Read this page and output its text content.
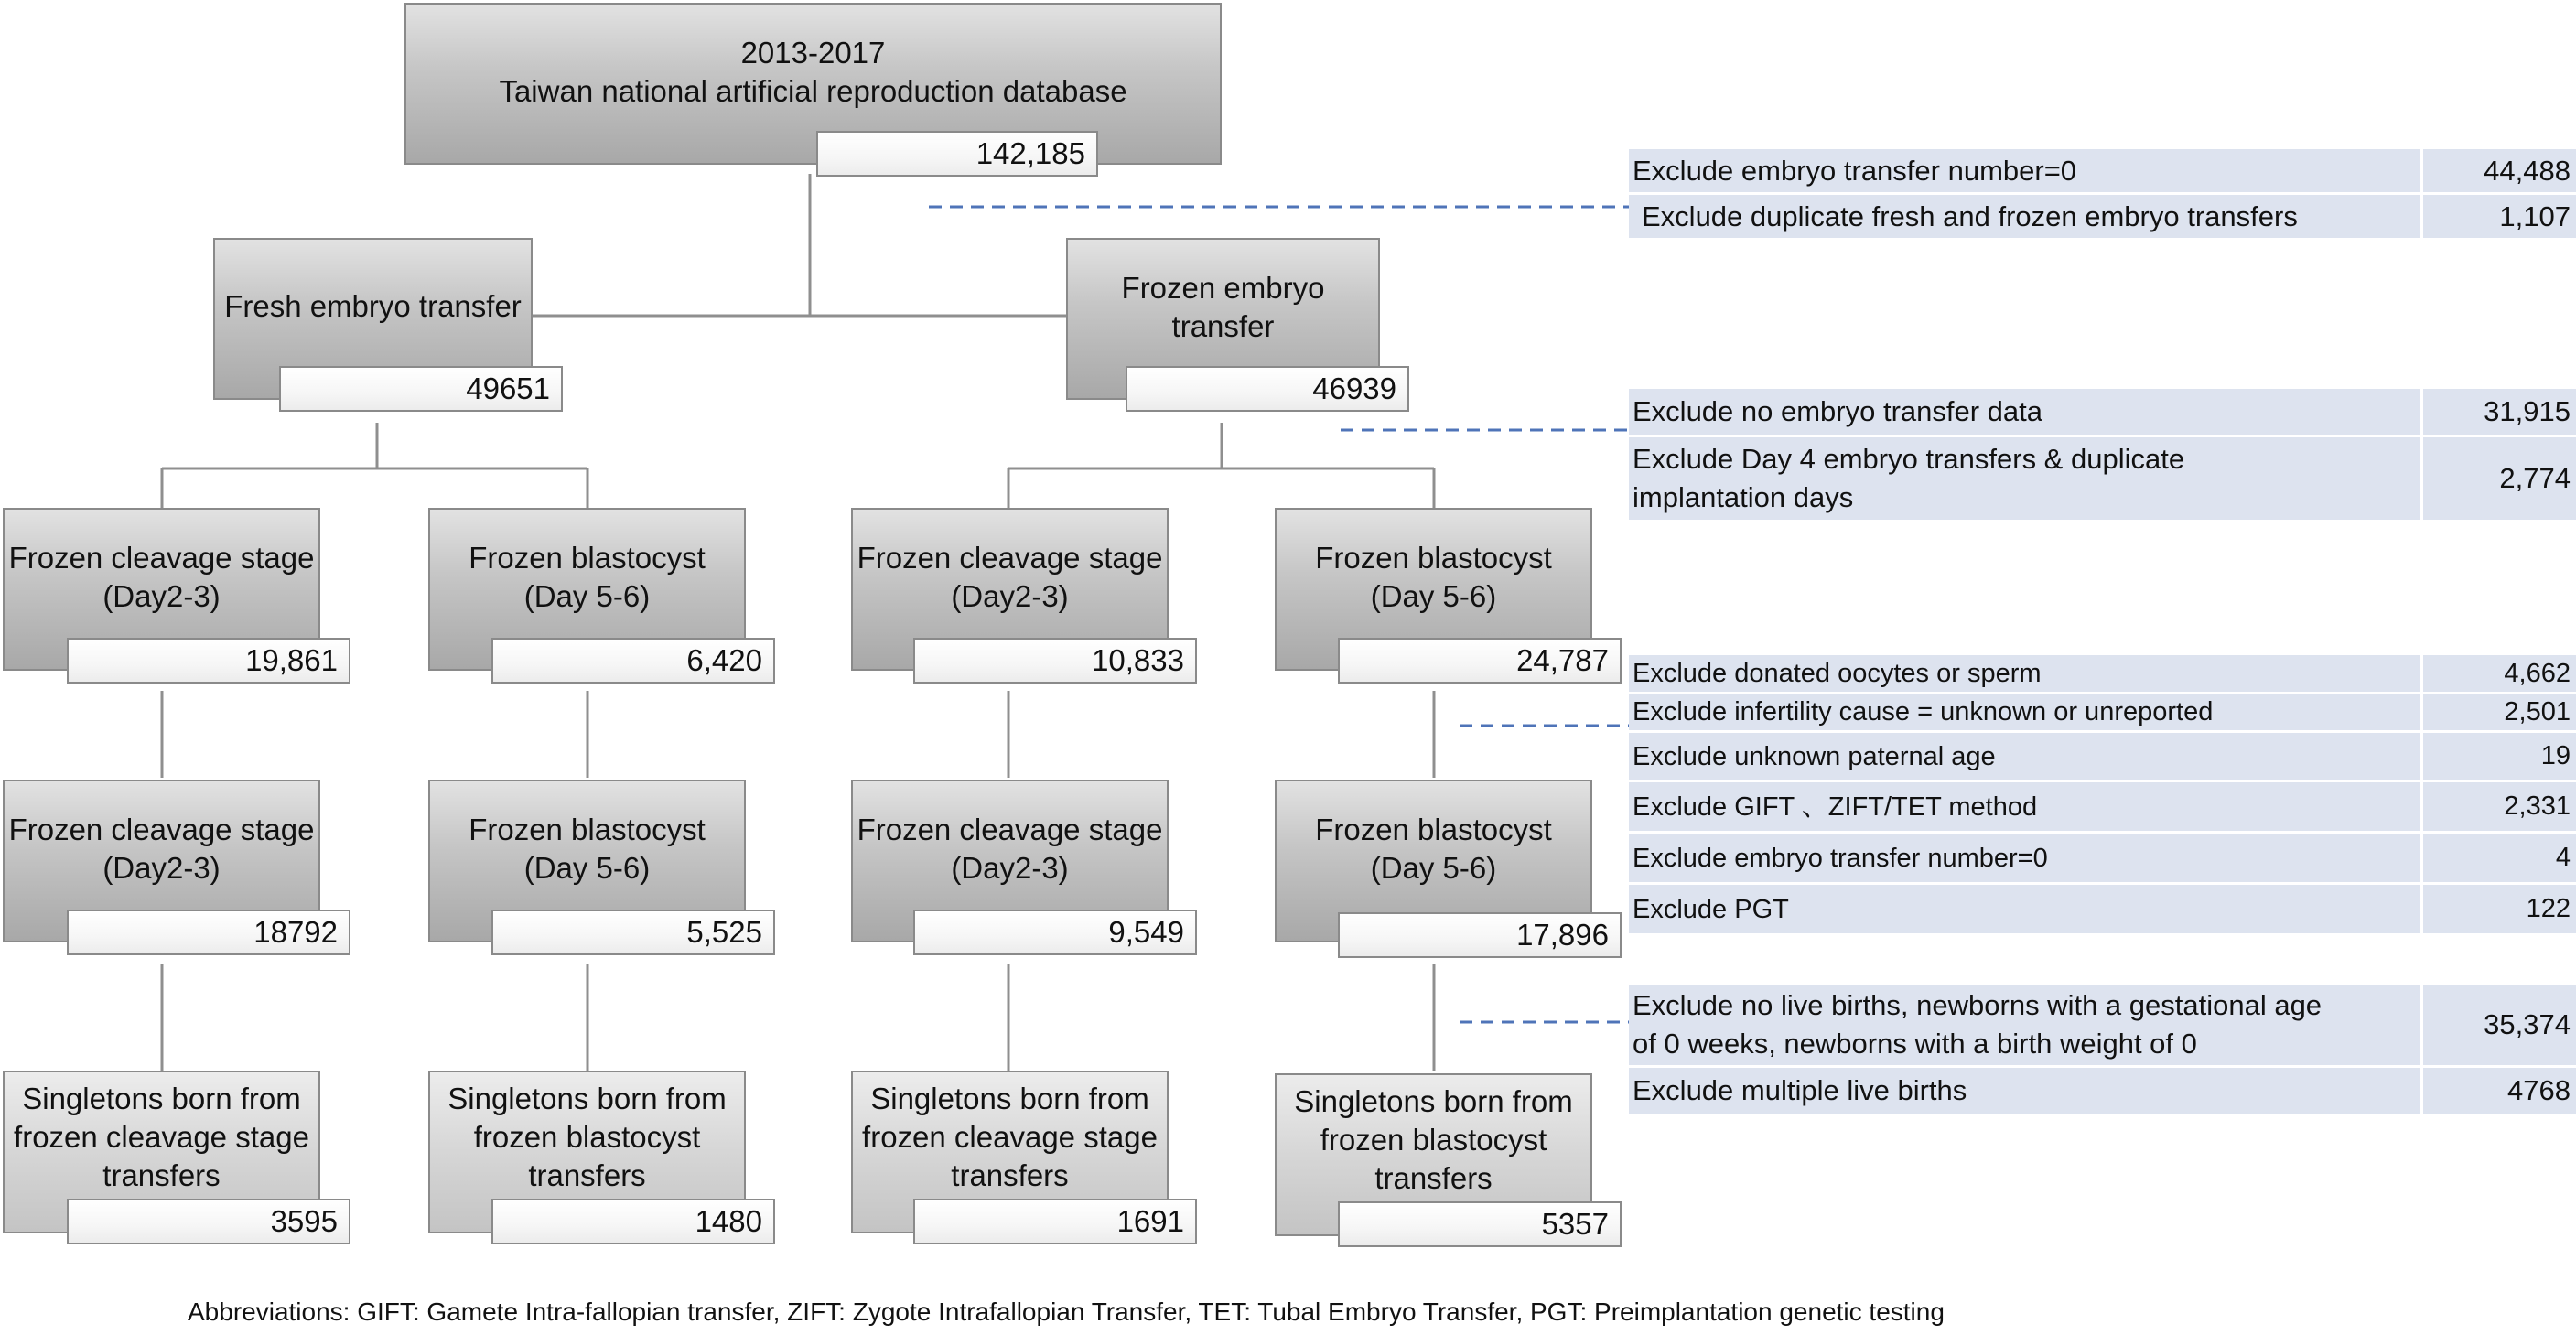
2013-2017
Taiwan national artificial reproduction database
142,185
Fresh embryo transfer
49651
Frozen embryo
transfer
46939
Frozen cleavage stage
(Day2-3)
19,861
Frozen blastocyst
(Day 5-6)
6,420
Frozen cleavage stage
(Day2-3)
10,833
Frozen blastocyst
(Day 5-6)
24,787
Frozen cleavage stage
(Day2-3)
18792
Frozen blastocyst
(Day 5-6)
5,525
Frozen cleavage stage
(Day2-3)
9,549
Frozen blastocyst
(Day 5-6)
17,896
Singletons born from
frozen cleavage stage
transfers
3595
Singletons born from
frozen blastocyst
transfers
1480
Singletons born from
frozen cleavage stage
transfers
1691
Singletons born from
frozen blastocyst
transfers
5357
Exclude embryo transfer number=0	44,488
Exclude duplicate fresh and frozen embryo transfers	1,107
Exclude no embryo transfer data	31,915
Exclude Day 4 embryo transfers & duplicate
implantation days
2,774
Exclude donated oocytes or sperm	4,662
Exclude infertility cause = unknown or unreported	2,501
Exclude unknown paternal age	19
Exclude GIFT 、ZIFT/TET method	2,331
Exclude embryo transfer number=0	4
Exclude PGT	122
Exclude no live births, newborns with a gestational age
of 0 weeks, newborns with a birth weight of 0
35,374
Exclude multiple live births	4768
Abbreviations: GIFT: Gamete Intra-fallopian transfer, ZIFT: Zygote Intrafallopian Transfer, TET: Tubal Embryo Transfer, PGT: Preimplantation genetic testing
